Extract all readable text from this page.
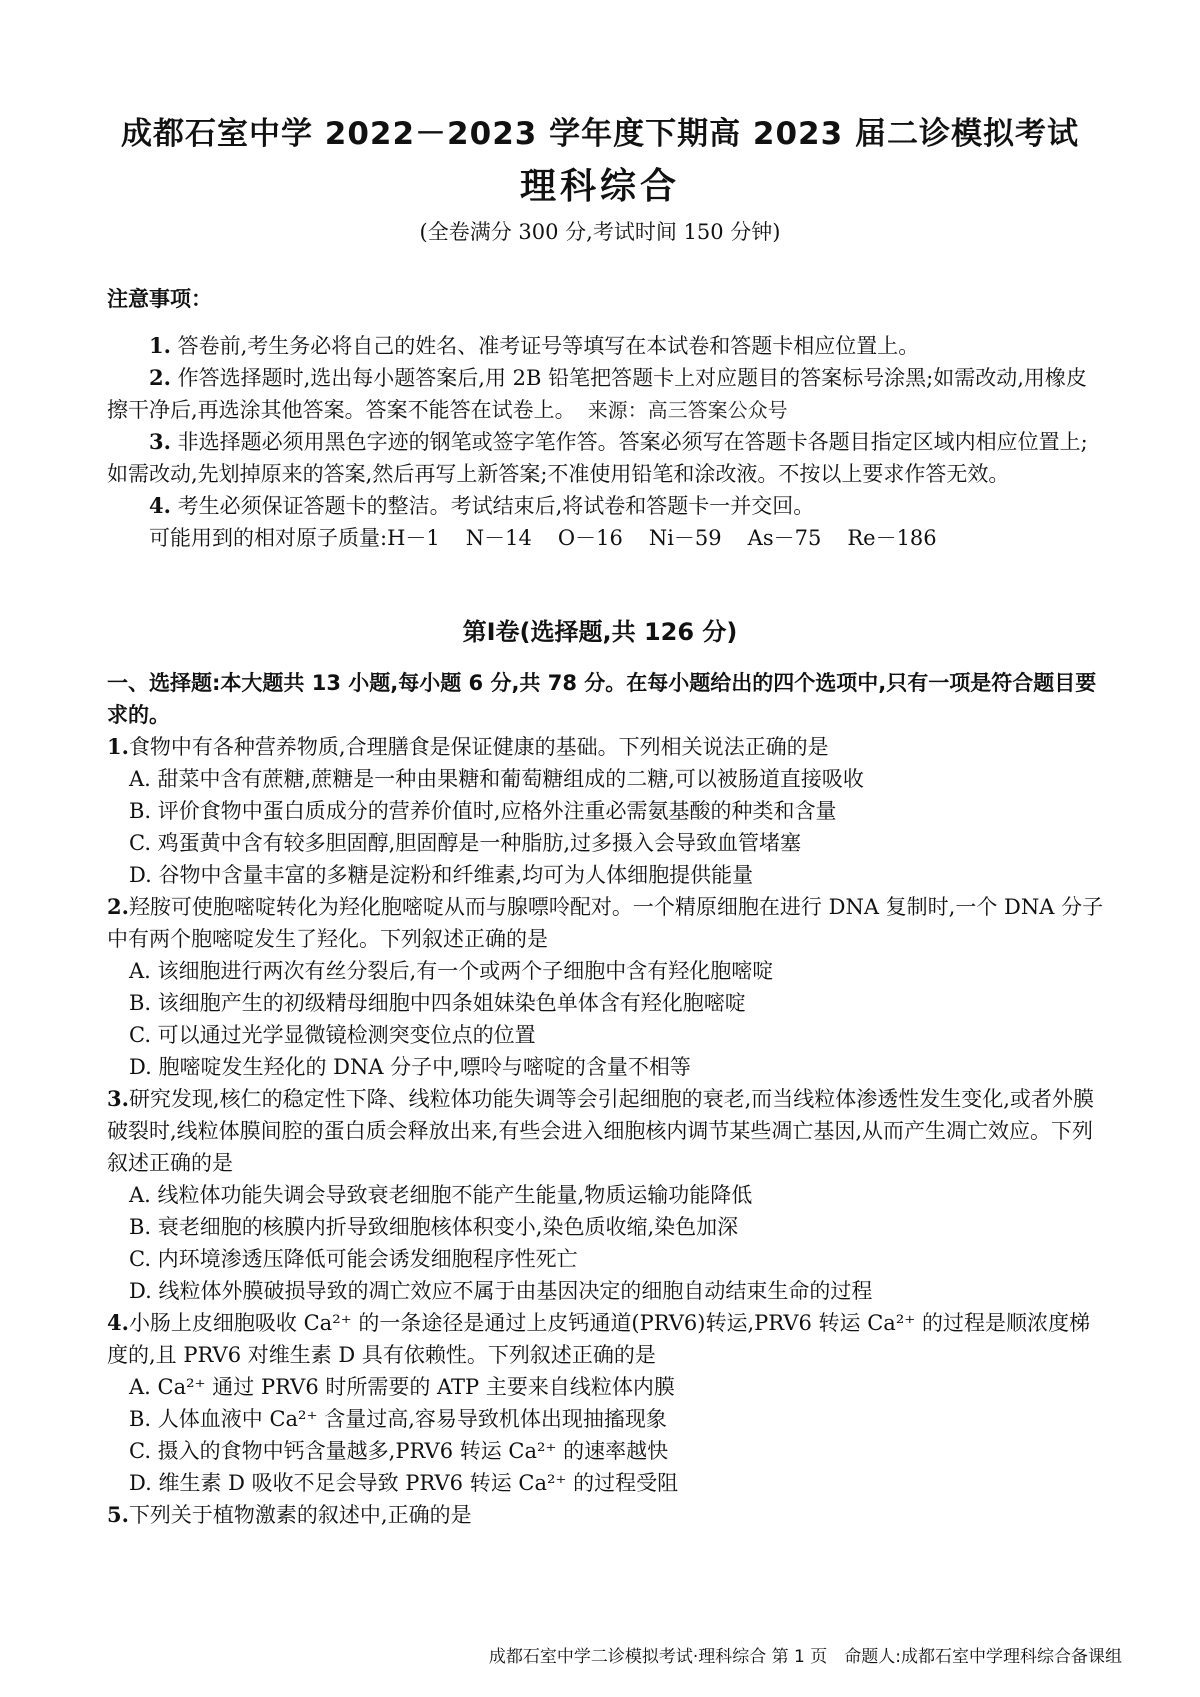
成都石室中学 2022－2023 学年度下期高 2023 届二诊模拟考试
理科综合
(全卷满分 300 分,考试时间 150 分钟)
注意事项：

1. 答卷前,考生务必将自己的姓名、准考证号等填写在本试卷和答题卡相应位置上。

2. 作答选择题时,选出每小题答案后,用 2B 铅笔把答题卡上对应题目的答案标号涂黑;如需改动,用橡皮擦干净后,再选涂其他答案。答案不能答在试卷上。 来源：高三答案公众号

3. 非选择题必须用黑色字迹的钢笔或签字笔作答。答案必须写在答题卡各题目指定区域内相应位置上;如需改动,先划掉原来的答案,然后再写上新答案;不准使用铅笔和涂改液。不按以上要求作答无效。

4. 考生必须保证答题卡的整洁。考试结束后,将试卷和答题卡一并交回。

可能用到的相对原子质量:H－1 N－14 O－16 Ni－59 As－75 Re－186

第Ⅰ卷(选择题,共 126 分)
一、选择题:本大题共 13 小题,每小题 6 分,共 78 分。在每小题给出的四个选项中,只有一项是符合题目要求的。

1.食物中有各种营养物质,合理膳食是保证健康的基础。下列相关说法正确的是

A. 甜菜中含有蔗糖,蔗糖是一种由果糖和葡萄糖组成的二糖,可以被肠道直接吸收

B. 评价食物中蛋白质成分的营养价值时,应格外注重必需氨基酸的种类和含量

C. 鸡蛋黄中含有较多胆固醇,胆固醇是一种脂肪,过多摄入会导致血管堵塞

D. 谷物中含量丰富的多糖是淀粉和纤维素,均可为人体细胞提供能量

2.羟胺可使胞嘧啶转化为羟化胞嘧啶从而与腺嘌呤配对。一个精原细胞在进行 DNA 复制时,一个 DNA 分子中有两个胞嘧啶发生了羟化。下列叙述正确的是

A. 该细胞进行两次有丝分裂后,有一个或两个子细胞中含有羟化胞嘧啶

B. 该细胞产生的初级精母细胞中四条姐妹染色单体含有羟化胞嘧啶

C. 可以通过光学显微镜检测突变位点的位置

D. 胞嘧啶发生羟化的 DNA 分子中,嘌呤与嘧啶的含量不相等

3.研究发现,核仁的稳定性下降、线粒体功能失调等会引起细胞的衰老,而当线粒体渗透性发生变化,或者外膜破裂时,线粒体膜间腔的蛋白质会释放出来,有些会进入细胞核内调节某些凋亡基因,从而产生凋亡效应。下列叙述正确的是

A. 线粒体功能失调会导致衰老细胞不能产生能量,物质运输功能降低

B. 衰老细胞的核膜内折导致细胞核体积变小,染色质收缩,染色加深

C. 内环境渗透压降低可能会诱发细胞程序性死亡

D. 线粒体外膜破损导致的凋亡效应不属于由基因决定的细胞自动结束生命的过程

4.小肠上皮细胞吸收 Ca²⁺ 的一条途径是通过上皮钙通道(PRV6)转运,PRV6 转运 Ca²⁺ 的过程是顺浓度梯度的,且 PRV6 对维生素 D 具有依赖性。下列叙述正确的是

A. Ca²⁺ 通过 PRV6 时所需要的 ATP 主要来自线粒体内膜

B. 人体血液中 Ca²⁺ 含量过高,容易导致机体出现抽搐现象

C. 摄入的食物中钙含量越多,PRV6 转运 Ca²⁺ 的速率越快

D. 维生素 D 吸收不足会导致 PRV6 转运 Ca²⁺ 的过程受阻

5.下列关于植物激素的叙述中,正确的是

成都石室中学二诊模拟考试·理科综合 第 1 页　命题人:成都石室中学理科综合备课组
